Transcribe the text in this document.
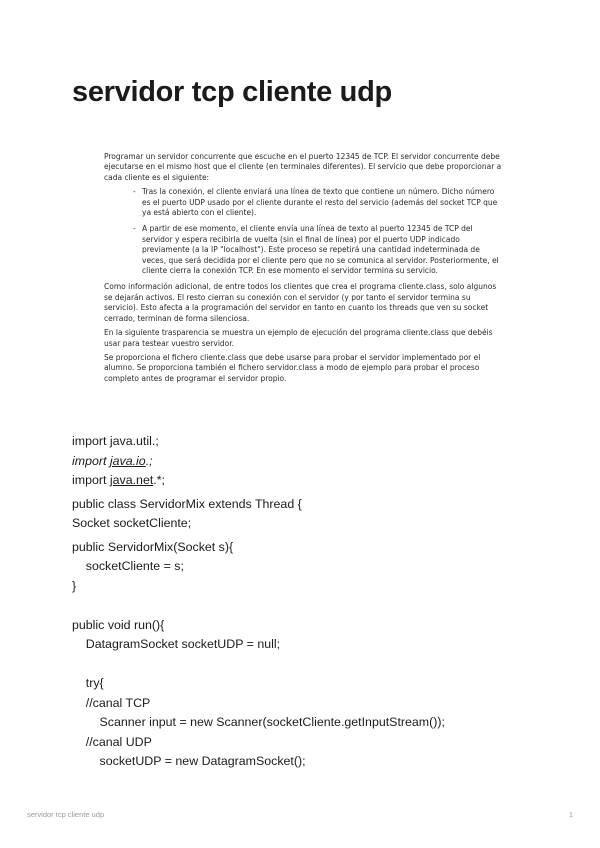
servidor tcp cliente udp

Programar un servidor concurrente que escuche en el puerto 12345 de TCP. El servidor concurrente debe ejecutarse en el mismo host que el cliente (en terminales diferentes). El servicio que debe proporcionar a cada cliente es el siguiente:

- Tras la conexión, el cliente enviará una línea de texto que contiene un número. Dicho número es el puerto UDP usado por el cliente durante el resto del servicio (además del socket TCP que ya está abierto con el cliente).
- A partir de ese momento, el cliente envía una línea de texto al puerto 12345 de TCP del servidor y espera recibirla de vuelta (sin el final de línea) por el puerto UDP indicado previamente (a la IP "localhost"). Este proceso se repetirá una cantidad indeterminada de veces, que será decidida por el cliente pero que no se comunica al servidor. Posteriormente, el cliente cierra la conexión TCP. En ese momento el servidor termina su servicio.

Como información adicional, de entre todos los clientes que crea el programa cliente.class, solo algunos se dejarán activos. El resto cierran su conexión con el servidor (y por tanto el servidor termina su servicio). Esto afecta a la programación del servidor en tanto en cuanto los threads que ven su socket cerrado, terminan de forma silenciosa.

En la siguiente trasparencia se muestra un ejemplo de ejecución del programa cliente.class que debéis usar para testear vuestro servidor.

Se proporciona el fichero cliente.class que debe usarse para probar el servidor implementado por el alumno. Se proporciona también el fichero servidor.class a modo de ejemplo para probar el proceso completo antes de programar el servidor propio.

import java.util.;
import java.io.;
import java.net.*;
public class ServidorMix extends Thread {
Socket socketCliente;
public ServidorMix(Socket s){
socketCliente = s;
}
public void run(){
DatagramSocket socketUDP = null;
try{
//canal TCP
Scanner input = new Scanner(socketCliente.getInputStream());
//canal UDP
socketUDP = new DatagramSocket();
servidor tcp cliente udp	1
